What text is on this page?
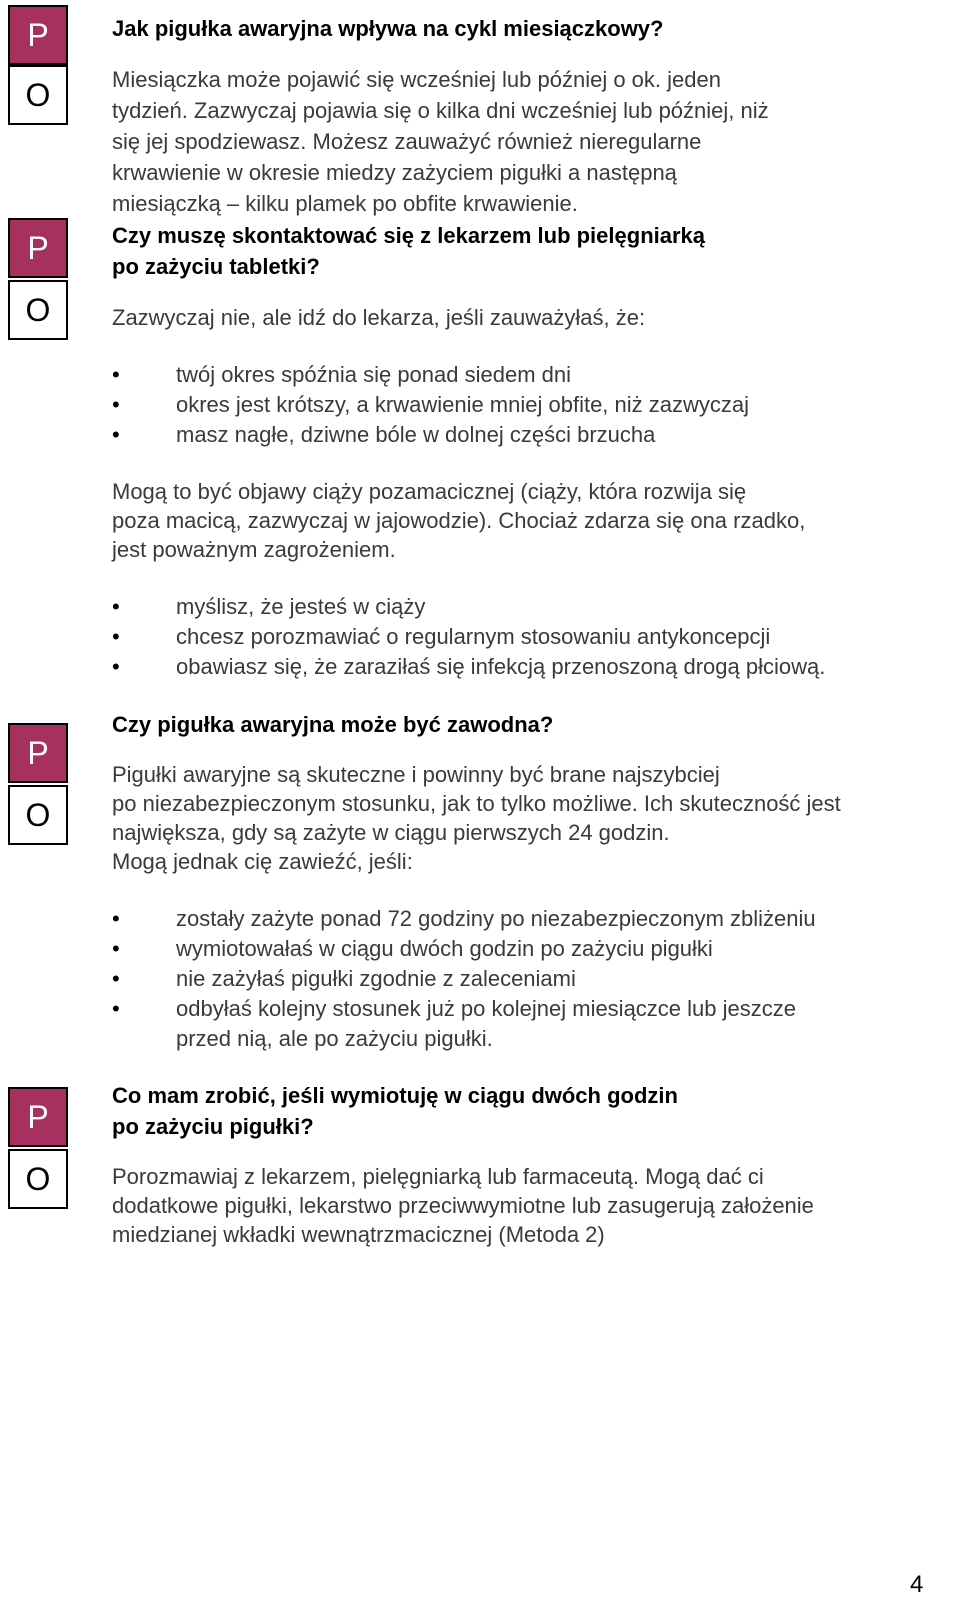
P
O

Jak pigułka awaryjna wpływa na cykl miesiączkowy?

Miesiączka może pojawić się wcześniej lub później o ok. jeden
tydzień. Zazwyczaj pojawia się o kilka dni wcześniej lub później, niż
się jej spodziewasz. Możesz zauważyć również nieregularne
krwawienie w okresie miedzy zażyciem pigułki a następną
miesiączką – kilku plamek po obfite krwawienie.
P
O
Czy muszę skontaktować się z lekarzem lub pielęgniarką
po zażyciu tabletki?

Zazwyczaj nie, ale idź do lekarza, jeśli zauważyłaś, że:

• twój okres spóźnia się ponad siedem dni
• okres jest krótszy, a krwawienie mniej obfite, niż zazwyczaj
• masz nagłe, dziwne bóle w dolnej części brzucha
Mogą to być objawy ciąży pozamacicznej (ciąży, która rozwija się
poza macicą, zazwyczaj w jajowodzie). Chociaż zdarza się ona rzadko,
jest poważnym zagrożeniem.
• myślisz, że jesteś w ciąży
• chcesz porozmawiać o regularnym stosowaniu antykoncepcji
• obawiasz się, że zaraziłaś się infekcją przenoszoną drogą płciową.
P
O

Czy pigułka awaryjna może być zawodna?

Pigułki awaryjne są skuteczne i powinny być brane najszybciej
po niezabezpieczonym stosunku, jak to tylko możliwe. Ich skuteczność jest
największa, gdy są zażyte w ciągu pierwszych 24 godzin.
Mogą jednak cię zawieźć, jeśli:
• zostały zażyte ponad 72 godziny po niezabezpieczonym zbliżeniu
• wymiotowałaś w ciągu dwóch godzin po zażyciu pigułki
• nie zażyłaś pigułki zgodnie z zaleceniami
• odbyłaś kolejny stosunek już po kolejnej miesiączce lub jeszcze
przed nią, ale po zażyciu pigułki.
P
O
Co mam zrobić, jeśli wymiotuję w ciągu dwóch godzin
po zażyciu pigułki?
Porozmawiaj z lekarzem, pielęgniarką lub farmaceutą. Mogą dać ci
dodatkowe pigułki, lekarstwo przeciwwymiotne lub zasugerują założenie
miedzianej wkładki wewnątrzmacicznej (Metoda 2)
4
